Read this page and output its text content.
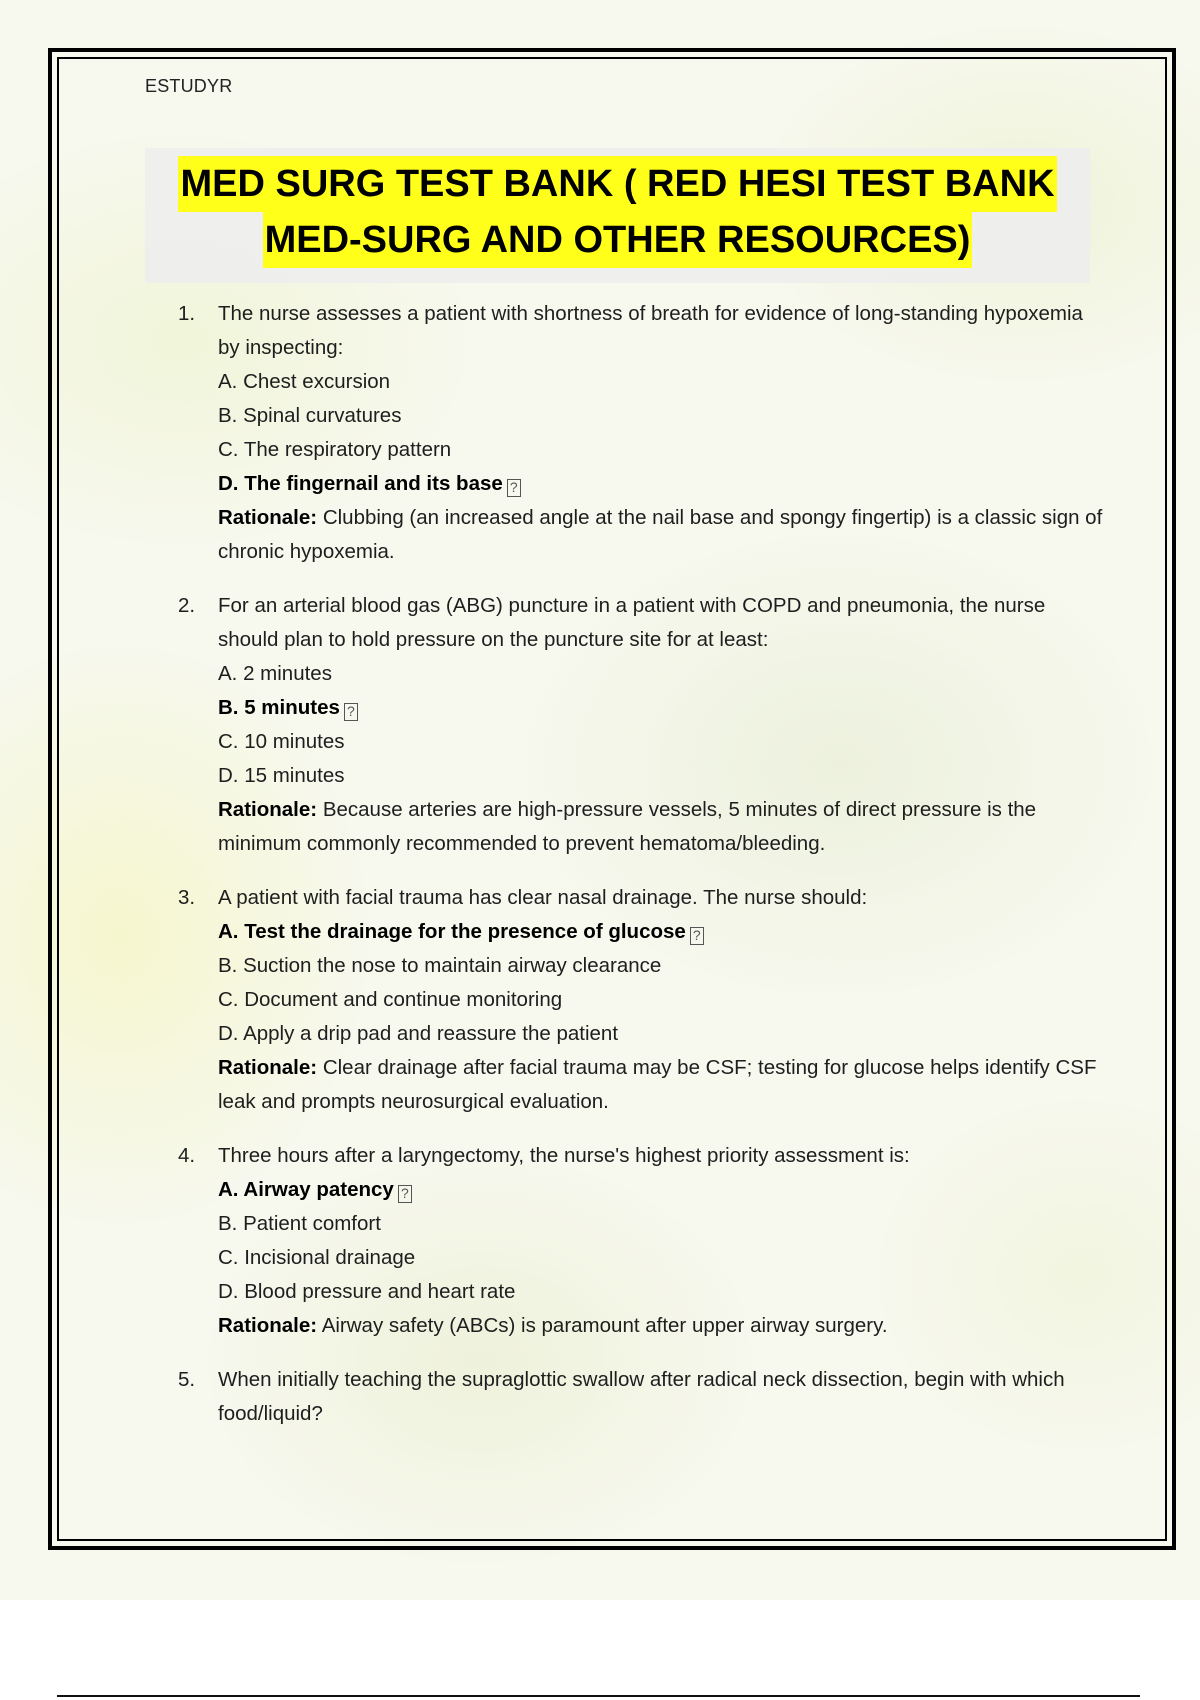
ESTUDYR
MED SURG TEST BANK ( RED HESI TEST BANK
MED-SURG AND OTHER RESOURCES)
1. The nurse assesses a patient with shortness of breath for evidence of long-standing hypoxemia by inspecting:
A. Chest excursion
B. Spinal curvatures
C. The respiratory pattern
D. The fingernail and its base ?
Rationale: Clubbing (an increased angle at the nail base and spongy fingertip) is a classic sign of chronic hypoxemia.
2. For an arterial blood gas (ABG) puncture in a patient with COPD and pneumonia, the nurse should plan to hold pressure on the puncture site for at least:
A. 2 minutes
B. 5 minutes ?
C. 10 minutes
D. 15 minutes
Rationale: Because arteries are high-pressure vessels, 5 minutes of direct pressure is the minimum commonly recommended to prevent hematoma/bleeding.
3. A patient with facial trauma has clear nasal drainage. The nurse should:
A. Test the drainage for the presence of glucose ?
B. Suction the nose to maintain airway clearance
C. Document and continue monitoring
D. Apply a drip pad and reassure the patient
Rationale: Clear drainage after facial trauma may be CSF; testing for glucose helps identify CSF leak and prompts neurosurgical evaluation.
4. Three hours after a laryngectomy, the nurse's highest priority assessment is:
A. Airway patency ?
B. Patient comfort
C. Incisional drainage
D. Blood pressure and heart rate
Rationale: Airway safety (ABCs) is paramount after upper airway surgery.
5. When initially teaching the supraglottic swallow after radical neck dissection, begin with which food/liquid?
